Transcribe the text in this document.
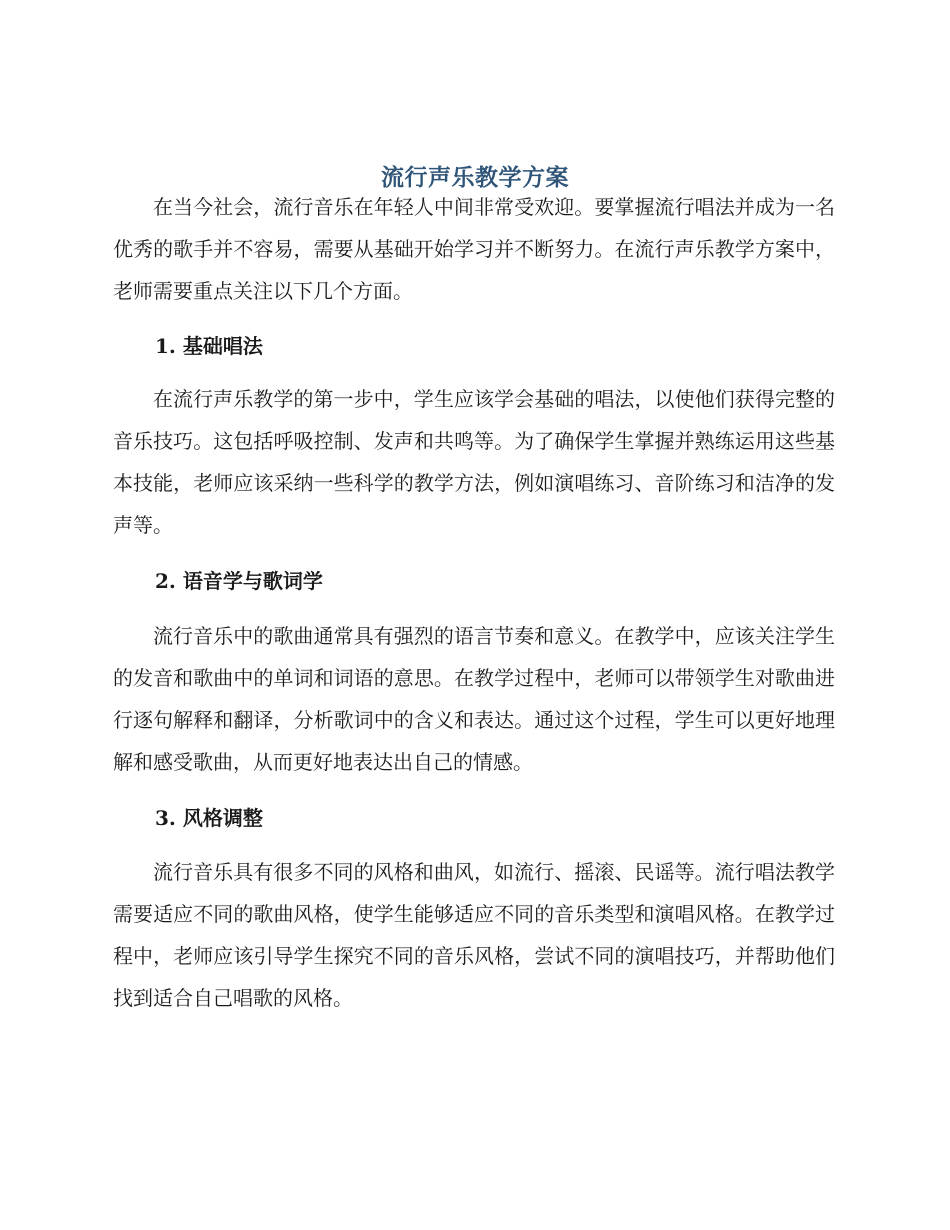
流行声乐教学方案

在当今社会，流行音乐在年轻人中间非常受欢迎。要掌握流行唱法并成为一名优秀的歌手并不容易，需要从基础开始学习并不断努力。在流行声乐教学方案中，老师需要重点关注以下几个方面。

1. 基础唱法

在流行声乐教学的第一步中，学生应该学会基础的唱法，以使他们获得完整的音乐技巧。这包括呼吸控制、发声和共鸣等。为了确保学生掌握并熟练运用这些基本技能，老师应该采纳一些科学的教学方法，例如演唱练习、音阶练习和洁净的发声等。

2. 语音学与歌词学

流行音乐中的歌曲通常具有强烈的语言节奏和意义。在教学中，应该关注学生的发音和歌曲中的单词和词语的意思。在教学过程中，老师可以带领学生对歌曲进行逐句解释和翻译，分析歌词中的含义和表达。通过这个过程，学生可以更好地理解和感受歌曲，从而更好地表达出自己的情感。

3. 风格调整

流行音乐具有很多不同的风格和曲风，如流行、摇滚、民谣等。流行唱法教学需要适应不同的歌曲风格，使学生能够适应不同的音乐类型和演唱风格。在教学过程中，老师应该引导学生探究不同的音乐风格，尝试不同的演唱技巧，并帮助他们找到适合自己唱歌的风格。
